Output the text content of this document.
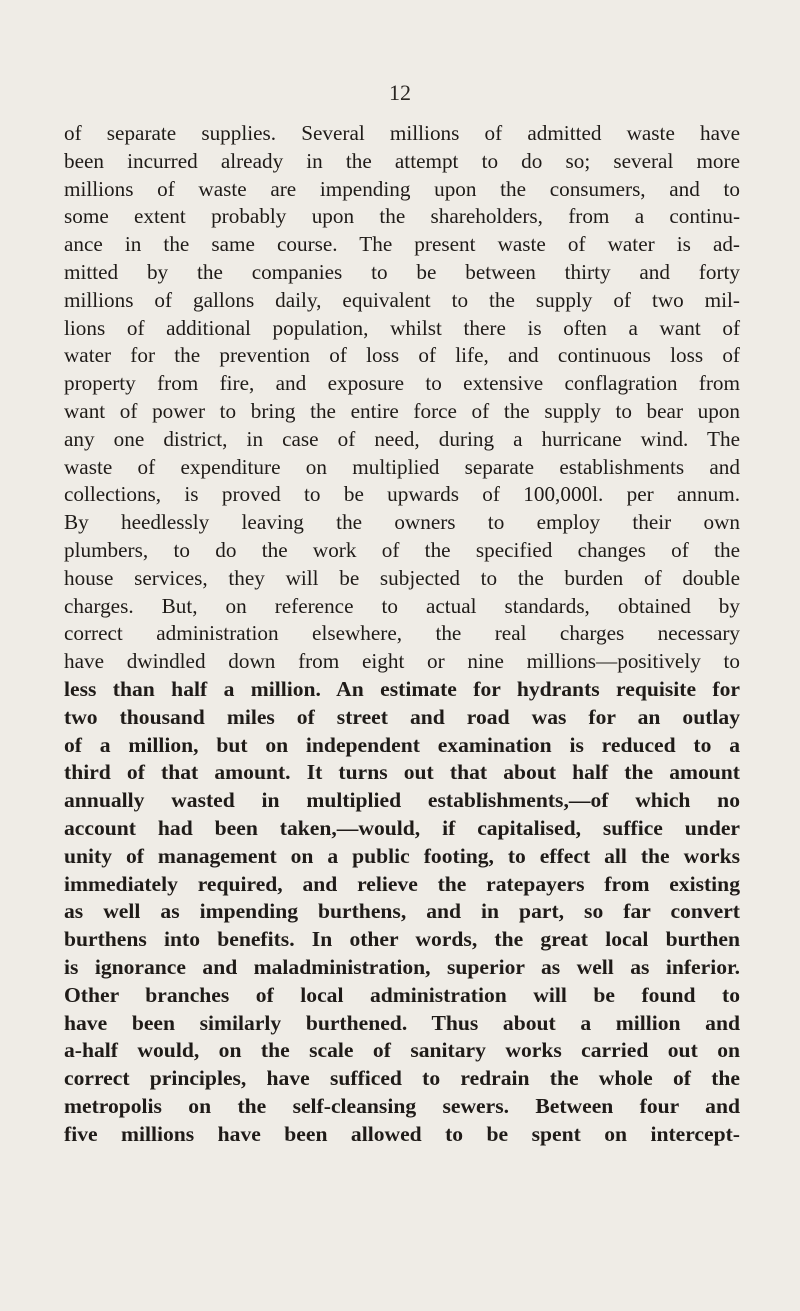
12
of separate supplies. Several millions of admitted waste have
been incurred already in the attempt to do so; several more
millions of waste are impending upon the consumers, and to
some extent probably upon the shareholders, from a continu-
ance in the same course. The present waste of water is ad-
mitted by the companies to be between thirty and forty
millions of gallons daily, equivalent to the supply of two mil-
lions of additional population, whilst there is often a want of
water for the prevention of loss of life, and continuous loss of
property from fire, and exposure to extensive conflagration from
want of power to bring the entire force of the supply to bear upon
any one district, in case of need, during a hurricane wind. The
waste of expenditure on multiplied separate establishments and
collections, is proved to be upwards of 100,000l. per annum.
By heedlessly leaving the owners to employ their own
plumbers, to do the work of the specified changes of the
house services, they will be subjected to the burden of double
charges. But, on reference to actual standards, obtained by
correct administration elsewhere, the real charges necessary
have dwindled down from eight or nine millions—positively to
less than half a million. An estimate for hydrants requisite for
two thousand miles of street and road was for an outlay
of a million, but on independent examination is reduced to a
third of that amount. It turns out that about half the amount
annually wasted in multiplied establishments,—of which no
account had been taken,—would, if capitalised, suffice under
unity of management on a public footing, to effect all the works
immediately required, and relieve the ratepayers from existing
as well as impending burthens, and in part, so far convert
burthens into benefits. In other words, the great local burthen
is ignorance and maladministration, superior as well as inferior.
Other branches of local administration will be found to
have been similarly burthened. Thus about a million and
a-half would, on the scale of sanitary works carried out on
correct principles, have sufficed to redrain the whole of the
metropolis on the self-cleansing sewers. Between four and
five millions have been allowed to be spent on intercept-
